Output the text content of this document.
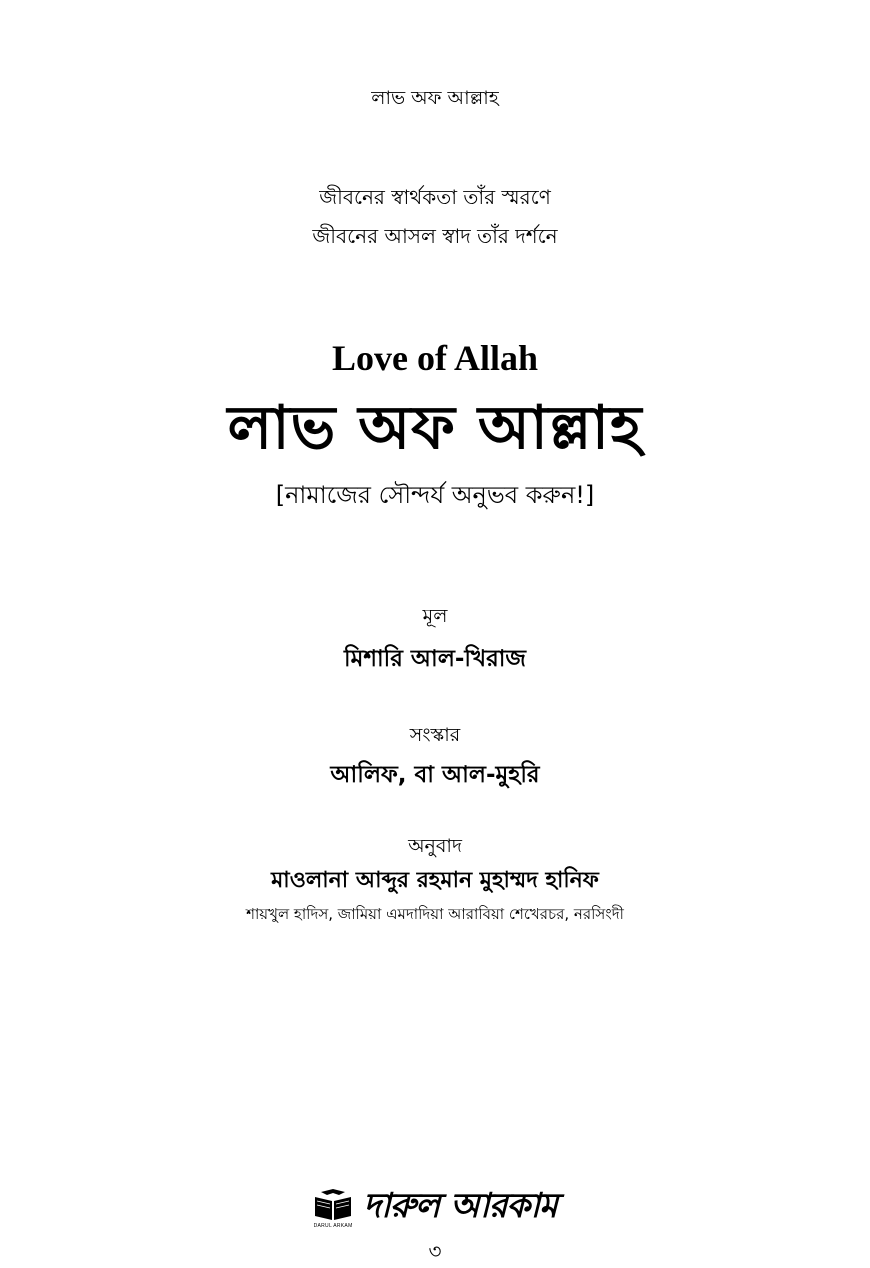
লাভ অফ আল্লাহ
জীবনের স্বার্থকতা তাঁর স্মরণে
জীবনের আসল স্বাদ তাঁর দর্শনে
Love of Allah
লাভ অফ আল্লাহ
[নামাজের সৌন্দর্য অনুভব করুন!]
মূল
মিশারি আল-খিরাজ
সংস্কার
আলিফ, বা আল-মুহরি
অনুবাদ
মাওলানা আব্দুর রহমান মুহাম্মদ হানিফ
শায়খুল হাদিস, জামিয়া এমদাদিয়া আরাবিয়া শেখেরচর, নরসিংদী
DARUL ARKAM দারুল আরকাম
৩
